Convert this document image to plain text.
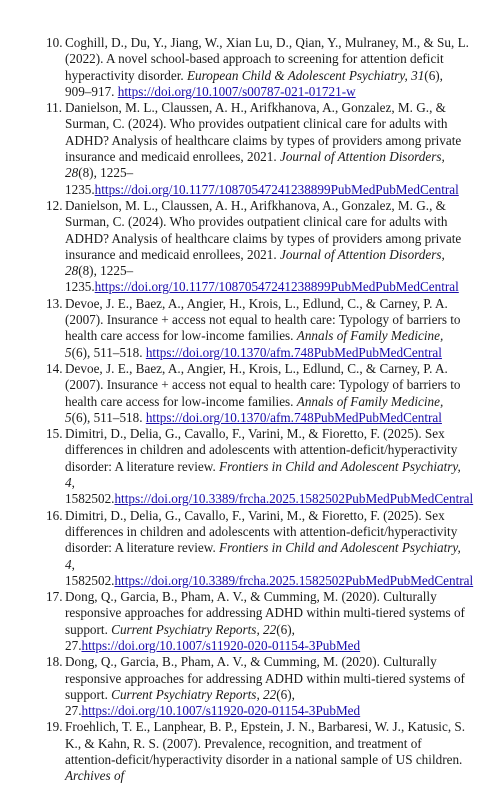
10. Coghill, D., Du, Y., Jiang, W., Xian Lu, D., Qian, Y., Mulraney, M., & Su, L. (2022). A novel school-based approach to screening for attention deficit hyperactivity disorder. European Child & Adolescent Psychiatry, 31(6), 909–917. https://doi.org/10.1007/s00787-021-01721-w
11. Danielson, M. L., Claussen, A. H., Arifkhanova, A., Gonzalez, M. G., & Surman, C. (2024). Who provides outpatient clinical care for adults with ADHD? Analysis of healthcare claims by types of providers among private insurance and medicaid enrollees, 2021. Journal of Attention Disorders, 28(8), 1225–1235.https://doi.org/10.1177/10870547241238899PubMedPubMedCentral
12. Danielson, M. L., Claussen, A. H., Arifkhanova, A., Gonzalez, M. G., & Surman, C. (2024). Who provides outpatient clinical care for adults with ADHD? Analysis of healthcare claims by types of providers among private insurance and medicaid enrollees, 2021. Journal of Attention Disorders, 28(8), 1225–1235.https://doi.org/10.1177/10870547241238899PubMedPubMedCentral
13. Devoe, J. E., Baez, A., Angier, H., Krois, L., Edlund, C., & Carney, P. A. (2007). Insurance + access not equal to health care: Typology of barriers to health care access for low-income families. Annals of Family Medicine, 5(6), 511–518. https://doi.org/10.1370/afm.748PubMedPubMedCentral
14. Devoe, J. E., Baez, A., Angier, H., Krois, L., Edlund, C., & Carney, P. A. (2007). Insurance + access not equal to health care: Typology of barriers to health care access for low-income families. Annals of Family Medicine, 5(6), 511–518. https://doi.org/10.1370/afm.748PubMedPubMedCentral
15. Dimitri, D., Delia, G., Cavallo, F., Varini, M., & Fioretto, F. (2025). Sex differences in children and adolescents with attention-deficit/hyperactivity disorder: A literature review. Frontiers in Child and Adolescent Psychiatry, 4, 1582502.https://doi.org/10.3389/frcha.2025.1582502PubMedPubMedCentral
16. Dimitri, D., Delia, G., Cavallo, F., Varini, M., & Fioretto, F. (2025). Sex differences in children and adolescents with attention-deficit/hyperactivity disorder: A literature review. Frontiers in Child and Adolescent Psychiatry, 4, 1582502.https://doi.org/10.3389/frcha.2025.1582502PubMedPubMedCentral
17. Dong, Q., Garcia, B., Pham, A. V., & Cumming, M. (2020). Culturally responsive approaches for addressing ADHD within multi-tiered systems of support. Current Psychiatry Reports, 22(6), 27.https://doi.org/10.1007/s11920-020-01154-3PubMed
18. Dong, Q., Garcia, B., Pham, A. V., & Cumming, M. (2020). Culturally responsive approaches for addressing ADHD within multi-tiered systems of support. Current Psychiatry Reports, 22(6), 27.https://doi.org/10.1007/s11920-020-01154-3PubMed
19. Froehlich, T. E., Lanphear, B. P., Epstein, J. N., Barbaresi, W. J., Katusic, S. K., & Kahn, R. S. (2007). Prevalence, recognition, and treatment of attention-deficit/hyperactivity disorder in a national sample of US children. Archives of
